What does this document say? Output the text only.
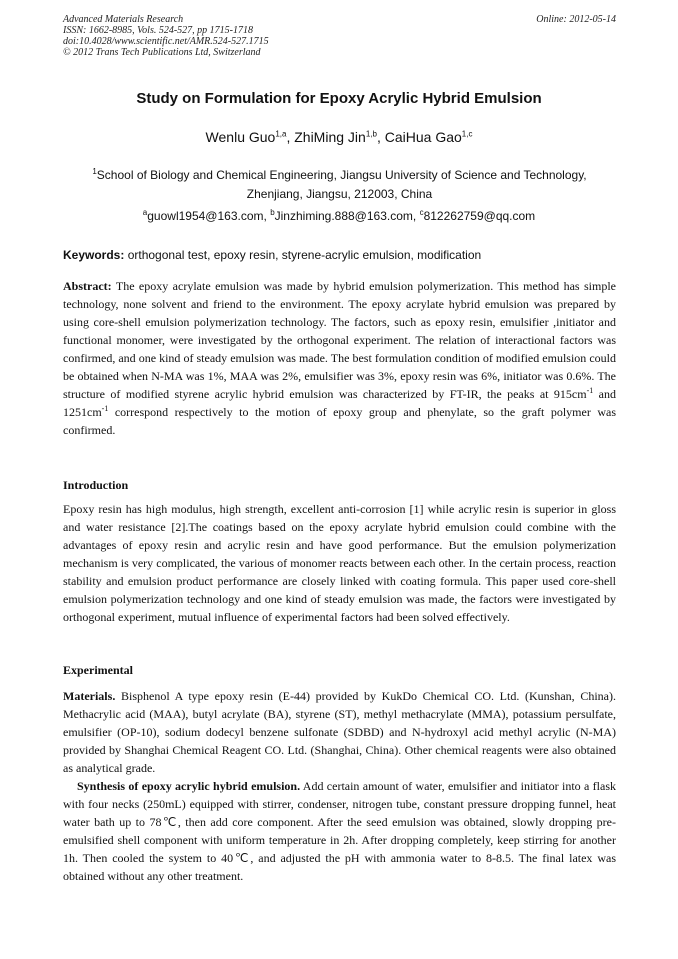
Advanced Materials Research
ISSN: 1662-8985, Vols. 524-527, pp 1715-1718
doi:10.4028/www.scientific.net/AMR.524-527.1715
© 2012 Trans Tech Publications Ltd, Switzerland
Online: 2012-05-14
Study on Formulation for Epoxy Acrylic Hybrid Emulsion
Wenlu Guo$^{1,a}$, ZhiMing Jin$^{1,b}$, CaiHua Gao$^{1,c}$
$^1$School of Biology and Chemical Engineering, Jiangsu University of Science and Technology,
Zhenjiang, Jiangsu, 212003, China
$^a$guowl1954@163.com, $^b$Jinzhiming.888@163.com, $^c$812262759@qq.com
Keywords: orthogonal test, epoxy resin, styrene-acrylic emulsion, modification
Abstract: The epoxy acrylate emulsion was made by hybrid emulsion polymerization. This method has simple technology, none solvent and friend to the environment. The epoxy acrylate hybrid emulsion was prepared by using core-shell emulsion polymerization technology. The factors, such as epoxy resin, emulsifier ,initiator and functional monomer, were investigated by the orthogonal experiment. The relation of interactional factors was confirmed, and one kind of steady emulsion was made. The best formulation condition of modified emulsion could be obtained when N-MA was 1%, MAA was 2%, emulsifier was 3%, epoxy resin was 6%, initiator was 0.6%. The structure of modified styrene acrylic hybrid emulsion was characterized by FT-IR, the peaks at $915cm^{-1}$ and $1251cm^{-1}$ correspond respectively to the motion of epoxy group and phenylate, so the graft polymer was confirmed.
Introduction
Epoxy resin has high modulus, high strength, excellent anti-corrosion [1] while acrylic resin is superior in gloss and water resistance [2].The coatings based on the epoxy acrylate hybrid emulsion could combine with the advantages of epoxy resin and acrylic resin and have good performance. But the emulsion polymerization mechanism is very complicated, the various of monomer reacts between each other. In the certain process, reaction stability and emulsion product performance are closely linked with coating formula. This paper used core-shell emulsion polymerization technology and one kind of steady emulsion was made, the factors were investigated by orthogonal experiment, mutual influence of experimental factors had been solved effectively.
Experimental
Materials. Bisphenol A type epoxy resin (E-44) provided by KukDo Chemical CO. Ltd. (Kunshan, China). Methacrylic acid (MAA), butyl acrylate (BA), styrene (ST), methyl methacrylate (MMA), potassium persulfate, emulsifier (OP-10), sodium dodecyl benzene sulfonate (SDBD) and N-hydroxyl acid methyl acrylic (N-MA) provided by Shanghai Chemical Reagent CO. Ltd. (Shanghai, China). Other chemical reagents were also obtained as analytical grade.
Synthesis of epoxy acrylic hybrid emulsion. Add certain amount of water, emulsifier and initiator into a flask with four necks (250mL) equipped with stirrer, condenser, nitrogen tube, constant pressure dropping funnel, heat water bath up to 78℃, then add core component. After the seed emulsion was obtained, slowly dropping pre-emulsified shell component with uniform temperature in 2h. After dropping completely, keep stirring for another 1h. Then cooled the system to 40℃, and adjusted the pH with ammonia water to 8-8.5. The final latex was obtained without any other treatment.
